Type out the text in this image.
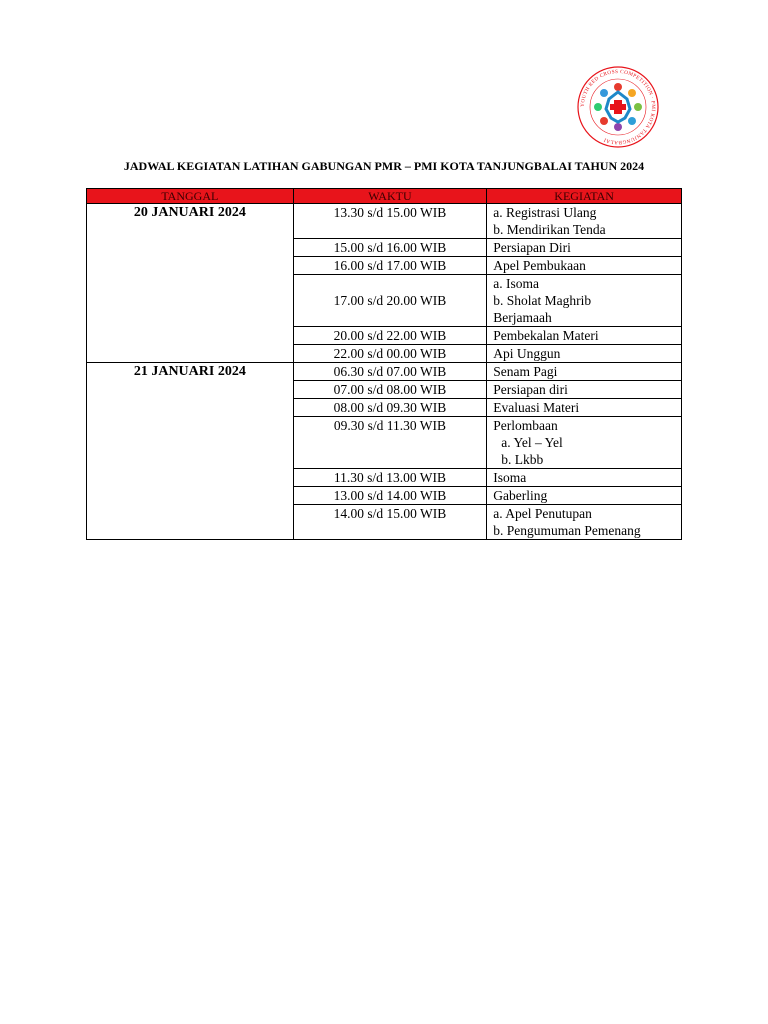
YOUTH RED CROSS COMPETITION · PMI KOTA TANJUNGBALAI
JADWAL KEGIATAN LATIHAN GABUNGAN PMR – PMI KOTA TANJUNGBALAI TAHUN 2024
TANGGAL	WAKTU	KEGIATAN
20 JANUARI 2024	13.30 s/d 15.00 WIB	a. Registrasi Ulang
b. Mendirikan Tenda

	15.00 s/d 16.00 WIB	Persiapan Diri

	16.00 s/d 17.00 WIB	Apel Pembukaan

	17.00 s/d 20.00 WIB	a. Isoma
b. Sholat Maghrib
Berjamaah

	20.00 s/d 22.00 WIB	Pembekalan Materi

	22.00 s/d 00.00 WIB	Api Unggun

21 JANUARI 2024	06.30 s/d 07.00 WIB	Senam Pagi

	07.00 s/d 08.00 WIB	Persiapan diri

	08.00 s/d 09.30 WIB	Evaluasi Materi

	09.30 s/d 11.30 WIB	Perlombaan
a. Yel – Yel
b. Lkbb

	11.30 s/d 13.00 WIB	Isoma

	13.00 s/d 14.00 WIB	Gaberling

	14.00 s/d 15.00 WIB	a. Apel Penutupan
b. Pengumuman Pemenang
